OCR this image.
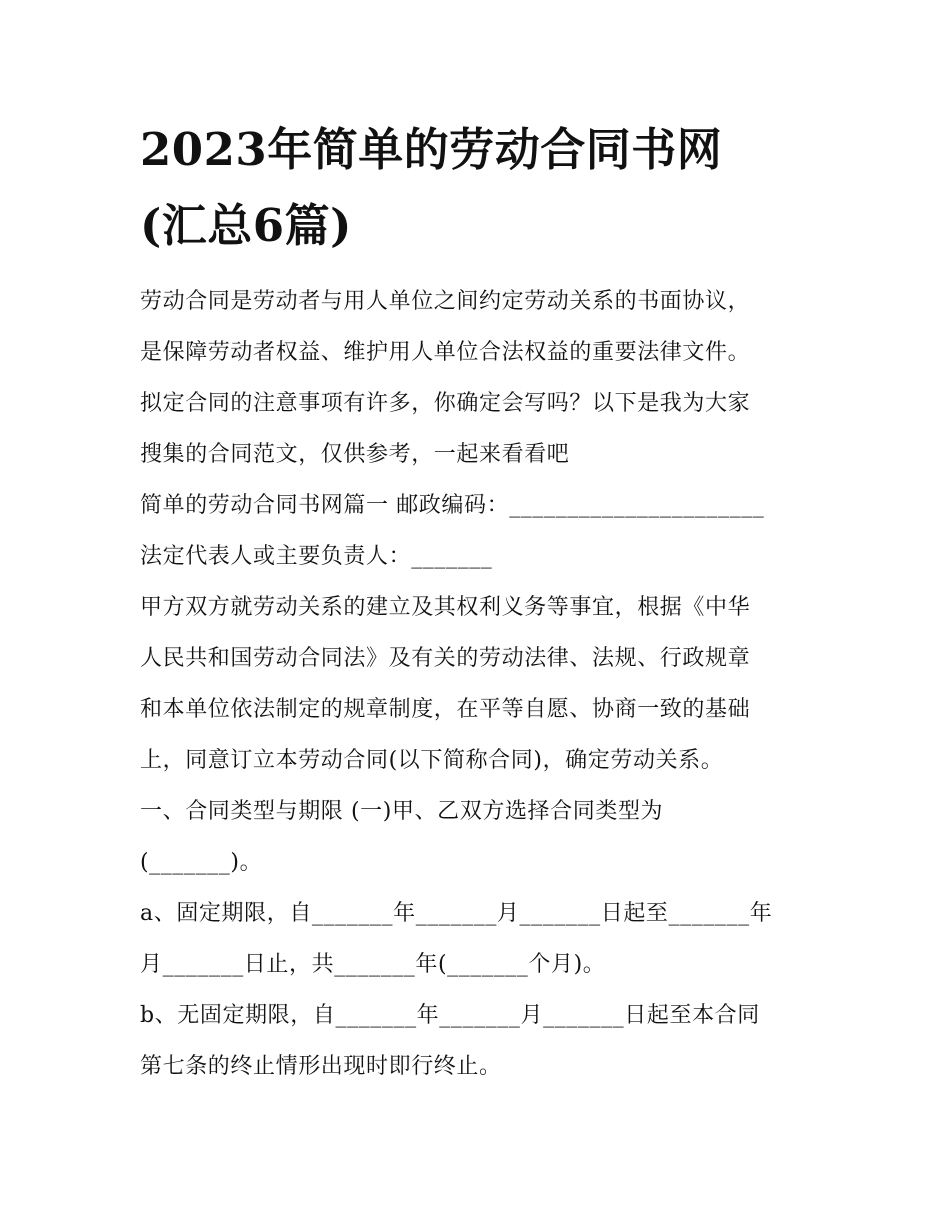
2023年简单的劳动合同书网
(汇总6篇)
劳动合同是劳动者与用人单位之间约定劳动关系的书面协议，
是保障劳动者权益、维护用人单位合法权益的重要法律文件。
拟定合同的注意事项有许多，你确定会写吗？以下是我为大家
搜集的合同范文，仅供参考，一起来看看吧
简单的劳动合同书网篇一 邮政编码：______________________
法定代表人或主要负责人：_______
甲方双方就劳动关系的建立及其权利义务等事宜，根据《中华
人民共和国劳动合同法》及有关的劳动法律、法规、行政规章
和本单位依法制定的规章制度，在平等自愿、协商一致的基础
上，同意订立本劳动合同(以下简称合同)，确定劳动关系。
一、合同类型与期限 (一)甲、乙双方选择合同类型为
(_______)。
a、固定期限，自_______年_______月_______日起至_______年
月_______日止，共_______年(_______个月)。
b、无固定期限，自_______年_______月_______日起至本合同
第七条的终止情形出现时即行终止。
